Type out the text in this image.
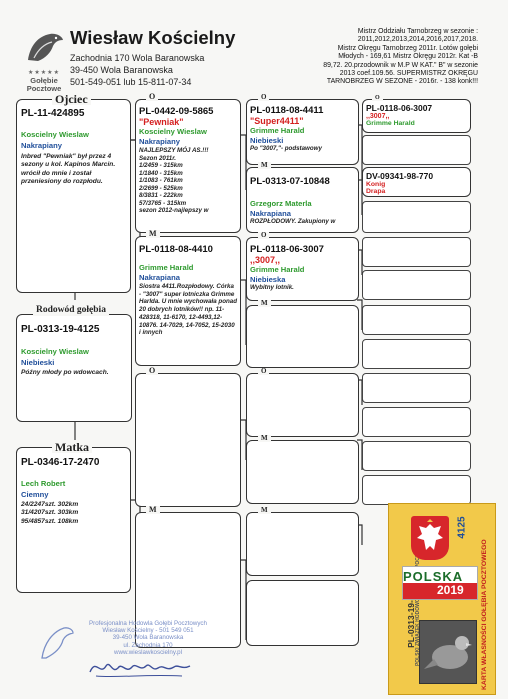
★★★★★
Gołębie
Pocztowe
Wiesław Kościelny
Zachodnia 170 Wola Baranowska
39-450 Wola Baranowska
501-549-051 lub 15-811-07-34
Mistrz Oddziału Tarnobrzeg w sezonie :
2011,2012,2013,2014,2016,2017,2018.
Mistrz Okręgu Tarnobrzeg 2011r. Lotów gołębi
Młodych - 169,61 Mistrz Okręgu 2012r. Kat -B
89,72. 20.przodownik w M.P W KAT." B" w sezonie
2013 coef.109.56. SUPERMISTRZ OKRĘGU
TARNOBRZEG W SEZONE - 2016r. - 138 konk!!!
PL-11-424895
Koscielny Wieslaw
Nakrapiany
Inbred "Pewniak" był przez 4 sezony u kol. Kapinos Marcin. wrócił do mnie i został przeniesiony do rozpłodu.
Ojciec
PL-0313-19-4125
Koscielny Wieslaw
Niebieski
Późny młody po wdowcach.
Rodowód gołębia
PL-0346-17-2470
Lech Robert
Ciemny
24/2247szt. 302km
31/4207szt. 303km
95/4857szt. 108km
Matka
PL-0442-09-5865
"Pewniak"
Koscielny Wieslaw
Nakrapiany
NAJLEPSZY MÓJ AS.!!!
Sezon 2011r.
1/2459 - 315km
1/1840 - 315km
1/1083 - 761km
2/2699 - 525km
8/3831 - 222km
57/3765 - 315km
sezon 2012-najlepszy w
O
PL-0118-08-4410
Grimme Harald
Nakrapiana
Siostra 4411.Rozpłodowy. Córka - "3007" super lotniczka Grimme Harlda. U mnie wychowała ponad 20 dobrych lotników!! np. 11-428318, 11-6170, 12-4493,12-10876. 14-7029, 14-7052, 15-2030 i innych
M
O
M
PL-0118-08-4411
"Super4411"
Grimme Harald
Niebieski
Po "3007,"- podstawowy
O
PL-0313-07-10848
Grzegorz Materla
Nakrapiana
ROZPŁODOWY. Zakupiony w
M
PL-0118-06-3007
,,3007,,
Grimme Harald
Niebieska
Wybitny lotnik.
O
M
O
M
M
PL-0118-06-3007
,,3007,,
Grimme Harald
O
DV-09341-98-770
Konig
Drapa
POLSKA
2019
PL-0313-19-
4125
KARTA WŁASNOŚCI GOŁĘBIA POCZTOWEGO
Profesjonalna Hodowla Gołębi Pocztowych
Wiesław Kościelny - 501 549 051
39-450 Wola Baranowska
ul. Zachodnia 170
www.wieslawkoscielny.pl
